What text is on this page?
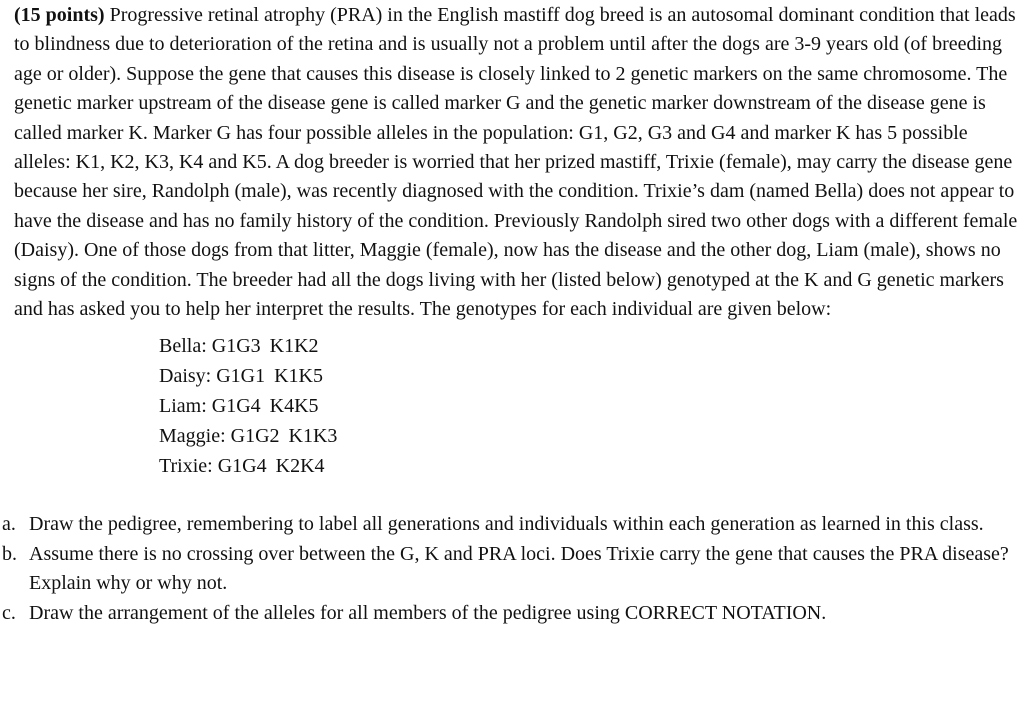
(15 points) Progressive retinal atrophy (PRA) in the English mastiff dog breed is an autosomal dominant condition that leads to blindness due to deterioration of the retina and is usually not a problem until after the dogs are 3-9 years old (of breeding age or older). Suppose the gene that causes this disease is closely linked to 2 genetic markers on the same chromosome. The genetic marker upstream of the disease gene is called marker G and the genetic marker downstream of the disease gene is called marker K. Marker G has four possible alleles in the population: G1, G2, G3 and G4 and marker K has 5 possible alleles: K1, K2, K3, K4 and K5. A dog breeder is worried that her prized mastiff, Trixie (female), may carry the disease gene because her sire, Randolph (male), was recently diagnosed with the condition. Trixie’s dam (named Bella) does not appear to have the disease and has no family history of the condition. Previously Randolph sired two other dogs with a different female (Daisy). One of those dogs from that litter, Maggie (female), now has the disease and the other dog, Liam (male), shows no signs of the condition. The breeder had all the dogs living with her (listed below) genotyped at the K and G genetic markers and has asked you to help her interpret the results. The genotypes for each individual are given below:

Bella: G1G3 K1K2
Daisy: G1G1 K1K5
Liam: G1G4 K4K5
Maggie: G1G2 K1K3
Trixie: G1G4 K2K4
a. Draw the pedigree, remembering to label all generations and individuals within each generation as learned in this class.
b. Assume there is no crossing over between the G, K and PRA loci. Does Trixie carry the gene that causes the PRA disease? Explain why or why not.
c. Draw the arrangement of the alleles for all members of the pedigree using CORRECT NOTATION.
